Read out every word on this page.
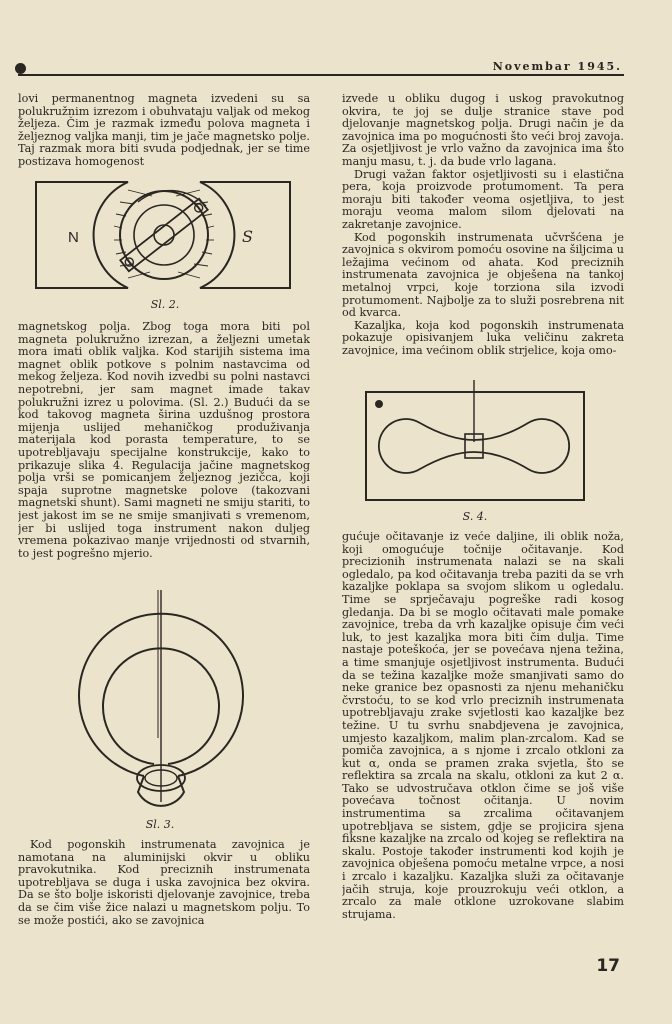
Novembar 1945.

lovi permanentnog magneta izvedeni su sa polukružnim izrezom i obuhvataju valjak od mekog željeza. Čim je razmak između polova magneta i željeznog valjka manji, tim je jače magnetsko polje. Taj razmak mora biti svuda podjednak, jer se time postizava homogenost

N	S
Sl. 2.

magnetskog polja. Zbog toga mora biti pol magneta polukružno izrezan, a željezni umetak mora imati oblik valjka. Kod starijih sistema ima magnet oblik potkove s polnim nastavcima od mekog željeza. Kod novih izvedbi su polni nastavci nepotrebni, jer sam magnet imade takav polukružni izrez u polovima. (Sl. 2.) Budući da se kod takovog magneta širina uzdušnog prostora mijenja uslijed mehaničkog produživanja materijala kod porasta temperature, to se upotrebljavaju specijalne konstrukcije, kako to prikazuje slika 4. Regulacija jačine magnetskog polja vrši se pomicanjem željeznog jezičca, koji spaja suprotne magnetske polove (takozvani magnetski shunt). Sami magneti ne smiju stariti, to jest jakost im se ne smije smanjivati s vremenom, jer bi uslijed toga instrument nakon duljeg vremena pokazivao manje vrijednosti od stvarnih, to jest pogrešno mjerio.

Sl. 3.

Kod pogonskih instrumenata zavojnica je namotana na aluminijski okvir u obliku pravokutnika. Kod preciznih instrumenata upotrebljava se duga i uska zavojnica bez okvira. Da se što bolje iskoristi djelovanje zavojnice, treba da se čim više žice nalazi u magnetskom polju. To se može postići, ako se zavojnica

izvede u obliku dugog i uskog pravokutnog okvira, te joj se dulje stranice stave pod djelovanje magnetskog polja. Drugi način je da zavojnica ima po mogućnosti što veći broj zavoja. Za osjetljivost je vrlo važno da zavojnica ima što manju masu, t. j. da bude vrlo lagana.

Drugi važan faktor osjetljivosti su i elastična pera, koja proizvode protumoment. Ta pera moraju biti također veoma osjetljiva, to jest moraju veoma malom silom djelovati na zakretanje zavojnice.

Kod pogonskih instrumenata učvršćena je zavojnica s okvirom pomoću osovine na šiljcima u ležajima većinom od ahata. Kod preciznih instrumenata zavojnica je obješena na tankoj metalnoj vrpci, koje torziona sila izvodi protumoment. Najbolje za to služi posrebrena nit od kvarca.

Kazaljka, koja kod pogonskih instrumenata pokazuje opisivanjem luka veličinu zakreta zavojnice, ima većinom oblik strjelice, koja omo-

S. 4.

gućuje očitavanje iz veće daljine, ili oblik noža, koji omogućuje točnije očitavanje. Kod precizionih instrumenata nalazi se na skali ogledalo, pa kod očitavanja treba paziti da se vrh kazaljke poklapa sa svojom slikom u ogledalu. Time se sprječavaju pogreške radi kosog gledanja. Da bi se moglo očitavati male pomake zavojnice, treba da vrh kazaljke opisuje čim veći luk, to jest kazaljka mora biti čim dulja. Time nastaje poteškoća, jer se povećava njena težina, a time smanjuje osjetljivost instrumenta. Budući da se težina kazaljke može smanjivati samo do neke granice bez opasnosti za njenu mehaničku čvrstoću, to se kod vrlo preciznih instrumenata upotrebljavaju zrake svjetlosti kao kazaljke bez težine. U tu svrhu snabdjevena je zavojnica, umjesto kazaljkom, malim plan-zrcalom. Kad se pomiča zavojnica, a s njome i zrcalo otkloni za kut α, onda se pramen zraka svjetla, što se reflektira sa zrcala na skalu, otkloni za kut 2 α. Tako se udvostručava otklon čime se još više povećava točnost očitanja. U novim instrumentima sa zrcalima očitavanjem upotrebljava se sistem, gdje se projicira sjena fiksne kazaljke na zrcalo od kojeg se reflektira na skalu. Postoje također instrumenti kod kojih je zavojnica obješena pomoću metalne vrpce, a nosi i zrcalo i kazaljku. Kazaljka služi za očitavanje jačih struja, koje prouzrokuju veći otklon, a zrcalo za male otklone uzrokovane slabim strujama.

17
